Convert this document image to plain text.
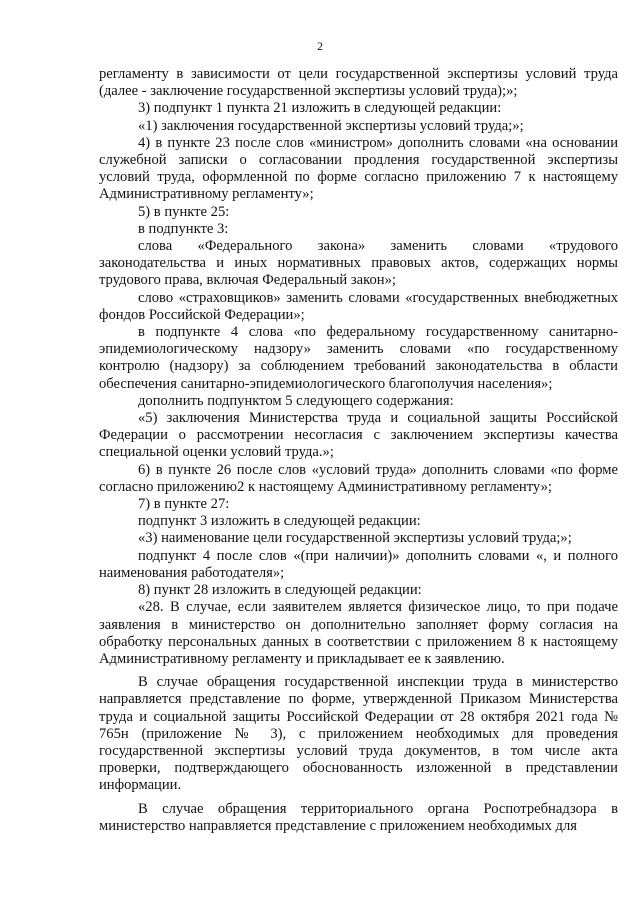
2

регламенту в зависимости от цели государственной экспертизы условий труда (далее - заключение государственной экспертизы условий труда);»;

3) подпункт 1 пункта 21 изложить в следующей редакции:

«1) заключения государственной экспертизы условий труда;»;

4) в пункте 23 после слов «министром» дополнить словами «на основании служебной записки о согласовании продления государственной экспертизы условий труда, оформленной по форме согласно приложению 7 к настоящему Административному регламенту»;

5) в пункте 25:

в подпункте 3:

слова «Федерального закона» заменить словами «трудового законодательства и иных нормативных правовых актов, содержащих нормы трудового права, включая Федеральный закон»;

слово «страховщиков» заменить словами «государственных внебюджетных фондов Российской Федерации»;

в подпункте 4 слова «по федеральному государственному санитарно-эпидемиологическому надзору» заменить словами «по государственному контролю (надзору) за соблюдением требований законодательства в области обеспечения санитарно-эпидемиологического благополучия населения»;

дополнить подпунктом 5 следующего содержания:

«5) заключения Министерства труда и социальной защиты Российской Федерации о рассмотрении несогласия с заключением экспертизы качества специальной оценки условий труда.»;

6) в пункте 26 после слов «условий труда» дополнить словами «по форме согласно приложению2 к настоящему Административному регламенту»;

7) в пункте 27:

подпункт 3 изложить в следующей редакции:

«3) наименование цели государственной экспертизы условий труда;»;

подпункт 4 после слов «(при наличии)» дополнить словами «, и полного наименования работодателя»;

8) пункт 28 изложить в следующей редакции:

«28. В случае, если заявителем является физическое лицо, то при подаче заявления в министерство он дополнительно заполняет форму согласия на обработку персональных данных в соответствии с приложением 8 к настоящему Административному регламенту и прикладывает ее к заявлению.

В случае обращения государственной инспекции труда в министерство направляется представление по форме, утвержденной Приказом Министерства труда и социальной защиты Российской Федерации от 28 октября 2021 года № 765н (приложение № 3), с приложением необходимых для проведения государственной экспертизы условий труда документов, в том числе акта проверки, подтверждающего обоснованность изложенной в представлении информации.

В случае обращения территориального органа Роспотребнадзора в министерство направляется представление с приложением необходимых для
